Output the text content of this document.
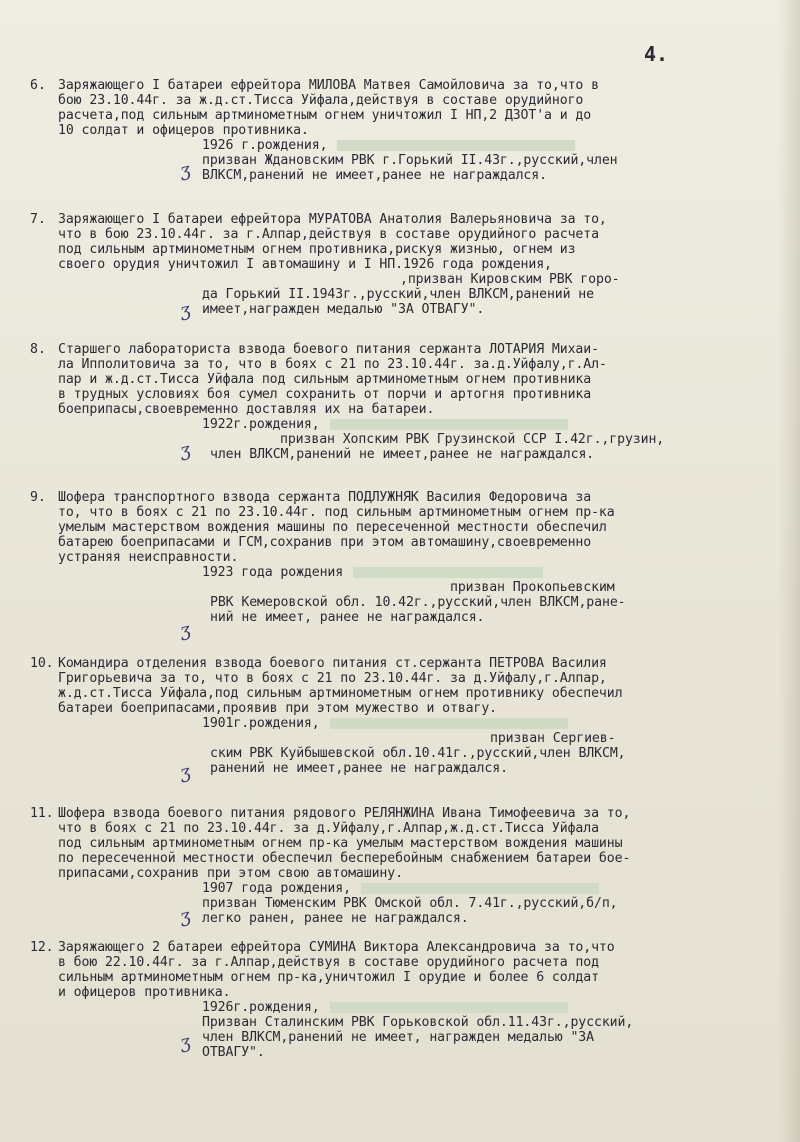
4.
6. Заряжающего I батареи ефрейтора МИЛОВА Матвея Самойловича за то,что в
бою 23.10.44г. за ж.д.ст.Тисса Уйфала,действуя в составе орудийного
расчета,под сильным артминометным огнем уничтожил I НП,2 ДЗОТ'а и до
10 солдат и офицеров противника.
1926 г.рождения,
призван Ждановским РВК г.Горький II.43г.,русский,член
ВЛКСМ,ранений не имеет,ранее не награждался.
ʒ
7. Заряжающего I батареи ефрейтора МУРАТОВА Анатолия Валерьяновича за то,
что в бою 23.10.44г. за г.Алпар,действуя в составе орудийного расчета
под сильным артминометным огнем противника,рискуя жизнью, огнем из
своего орудия уничтожил I автомашину и I НП.1926 года рождения,
,призван Кировским РВК горо-
да Горький II.1943г.,русский,член ВЛКСМ,ранений не
имеет,награжден медалью "ЗА ОТВАГУ".
ʒ
8. Старшего лабораториста взвода боевого питания сержанта ЛОТАРИЯ Михаи-
ла Ипполитовича за то, что в боях с 21 по 23.10.44г. за.д.Уйфалу,г.Ал-
пар и ж.д.ст.Тисса Уйфала под сильным артминометным огнем противника
в трудных условиях боя сумел сохранить от порчи и артогня противника
боеприпасы,своевременно доставляя их на батареи.
1922г.рождения,
призван Хопским РВК Грузинской ССР I.42г.,грузин,
член ВЛКСМ,ранений не имеет,ранее не награждался.
ʒ
9. Шофера транспортного взвода сержанта ПОДЛУЖНЯК Василия Федоровича за
то, что в боях с 21 по 23.10.44г. под сильным артминометным огнем пр-ка
умелым мастерством вождения машины по пересеченной местности обеспечил
батарею боеприпасами и ГСМ,сохранив при этом автомашину,своевременно
устраняя неисправности.
1923 года рождения
призван Прокопьевским
РВК Кемеровской обл. 10.42г.,русский,член ВЛКСМ,ране-
ний не имеет, ранее не награждался.
ʒ
10. Командира отделения взвода боевого питания ст.сержанта ПЕТРОВА Василия
Григорьевича за то, что в боях с 21 по 23.10.44г. за д.Уйфалу,г.Алпар,
ж.д.ст.Тисса Уйфала,под сильным артминометным огнем противнику обеспечил
батареи боеприпасами,проявив при этом мужество и отвагу.
1901г.рождения,
призван Сергиев-
ским РВК Куйбышевской обл.10.41г.,русский,член ВЛКСМ,
ранений не имеет,ранее не награждался.
ʒ
11. Шофера взвода боевого питания рядового РЕЛЯНЖИНА Ивана Тимофеевича за то,
что в боях с 21 по 23.10.44г. за д.Уйфалу,г.Алпар,ж.д.ст.Тисса Уйфала
под сильным артминометным огнем пр-ка умелым мастерством вождения машины
по пересеченной местности обеспечил бесперебойным снабжением батареи бое-
припасами,сохранив при этом свою автомашину.
1907 года рождения,
призван Тюменским РВК Омской обл. 7.41г.,русский,б/п,
легко ранен, ранее не награждался.
ʒ
12. Заряжающего 2 батареи ефрейтора СУМИНА Виктора Александровича за то,что
в бою 22.10.44г. за г.Алпар,действуя в составе орудийного расчета под
сильным артминометным огнем пр-ка,уничтожил I орудие и более 6 солдат
и офицеров противника.
1926г.рождения,
Призван Сталинским РВК Горьковской обл.11.43г.,русский,
член ВЛКСМ,ранений не имеет, награжден медалью "ЗА
ОТВАГУ".
ʒ
